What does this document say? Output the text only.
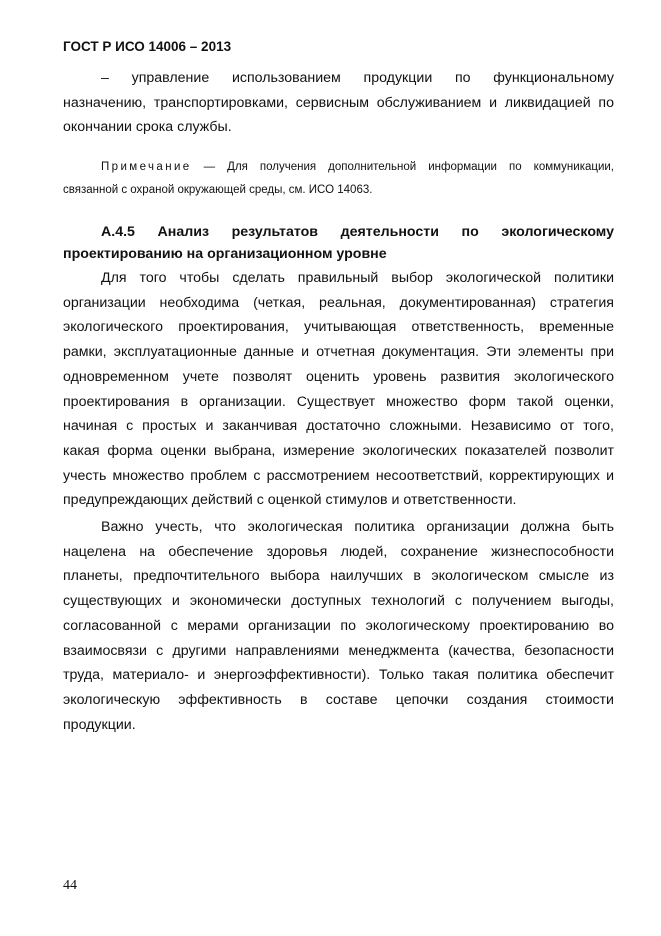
ГОСТ Р ИСО 14006 – 2013
– управление использованием продукции по функциональному
назначению, транспортировками, сервисным обслуживанием и ликвидацией по
окончании срока службы.
Примечание — Для получения дополнительной информации по коммуникации,
связанной с охраной окружающей среды, см. ИСО 14063.
А.4.5 Анализ результатов деятельности по экологическому
проектированию на организационном уровне
Для того чтобы сделать правильный выбор экологической политики
организации необходима (четкая, реальная, документированная) стратегия
экологического проектирования, учитывающая ответственность, временные
рамки, эксплуатационные данные и отчетная документация. Эти элементы при
одновременном учете позволят оценить уровень развития экологического
проектирования в организации. Существует множество форм такой оценки,
начиная с простых и заканчивая достаточно сложными. Независимо от того,
какая форма оценки выбрана, измерение экологических показателей позволит
учесть множество проблем с рассмотрением несоответствий, корректирующих и
предупреждающих действий с оценкой стимулов и ответственности.
Важно учесть, что экологическая политика организации должна быть
нацелена на обеспечение здоровья людей, сохранение жизнеспособности
планеты, предпочтительного выбора наилучших в экологическом смысле из
существующих и экономически доступных технологий с получением выгоды,
согласованной с мерами организации по экологическому проектированию во
взаимосвязи с другими направлениями менеджмента (качества, безопасности
труда, материало- и энергоэффективности). Только такая политика обеспечит
экологическую эффективность в составе цепочки создания стоимости
продукции.
44
